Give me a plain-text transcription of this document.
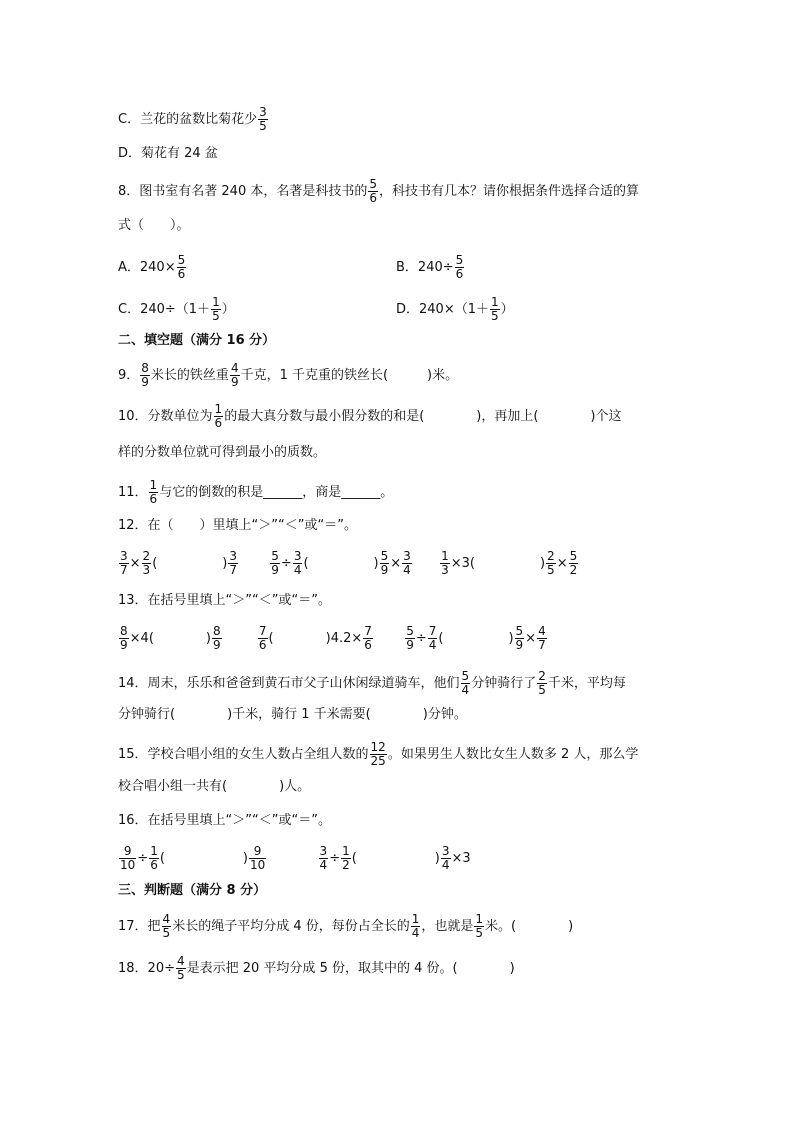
C．兰花的盆数比菊花少 $\frac{3}{5}$
D．菊花有 24 盆
8．图书室有名著 240 本，名著是科技书的 $\frac{5}{6}$ ，科技书有几本？请你根据条件选择合适的算
式（　　）。
A．$240\times \frac{5}{6}$	B．$240\div \frac{5}{6}$
C．$240\div(1+ \frac{1}{5}$ ）	D．$240\times(1+ \frac{1}{5}$ ）
二、填空题（满分 16 分）
9． $\frac{8}{9}$ 米长的铁丝重 $\frac{4}{9}$ 千克，1 千克重的铁丝长(　　　)米。
10．分数单位为 $\frac{1}{6}$ 的最大真分数与最小假分数的和是(　　　　)，再加上(　　　　)个这
样的分数单位就可得到最小的质数。
11． $\frac{1}{6}$ 与它的倒数的积是______，商是______。
12．在（　　）里填上“＞”“＜”或“＝”。
$\frac{3}{7} \times \frac{2}{3}$ (　　　　　) $\frac{3}{7}$
	$\frac{5}{9} \div \frac{3}{4}$ (　　　　　) $\frac{5}{9} \times \frac{3}{4}$
$\frac{1}{3} \times 3$(　　　　　) $\frac{2}{5} \times \frac{5}{2}$
13．在括号里填上“＞”“＜”或“＝”。
$\frac{8}{9} \times 4$(　　　　) $\frac{8}{9}$
	$\frac{7}{6}$ (　　　　)$4.2\times \frac{7}{6}$
	$\frac{5}{9} \div \frac{7}{4}$ (　　　　　) $\frac{5}{9} \times \frac{4}{7}$
14．周末，乐乐和爸爸到黄石市父子山休闲绿道骑车，他们 $\frac{5}{4}$ 分钟骑行了 $\frac{2}{5}$ 千米，平均每
分钟骑行(　　　　)千米，骑行 1 千米需要(　　　　)分钟。
15．学校合唱小组的女生人数占全组人数的 $\frac{12}{25}$ 。如果男生人数比女生人数多 2 人，那么学
校合唱小组一共有(　　　　)人。
16．在括号里填上“＞”“＜”或“＝”。
$\frac{9}{10} \div \frac{1}{6}$ (　　　　　　) $\frac{9}{10}$
	$\frac{3}{4} \div \frac{1}{2}$ (　　　　　　) $\frac{3}{4} \times 3$
三、判断题（满分 8 分）
17．把 $\frac{4}{5}$ 米长的绳子平均分成 4 份，每份占全长的 $\frac{1}{4}$ ，也就是 $\frac{1}{5}$ 米。(　　　　)
18．$20\div \frac{4}{5}$ 是表示把 20 平均分成 5 份，取其中的 4 份。(　　　　)
